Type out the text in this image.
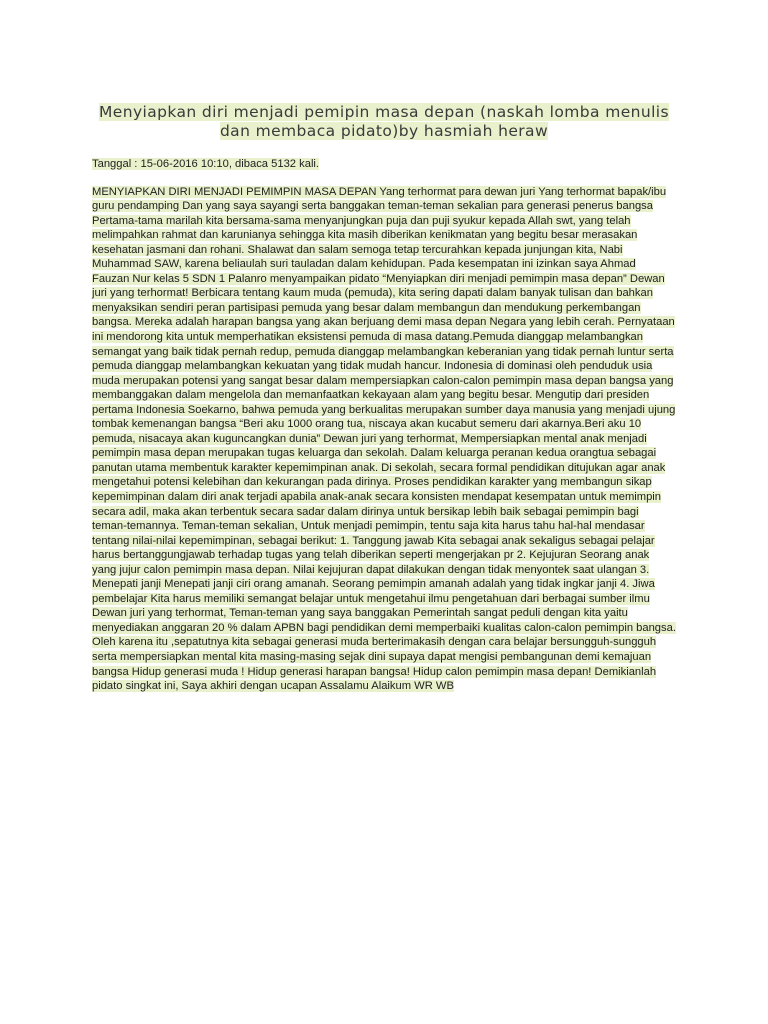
Menyiapkan diri menjadi pemipin masa depan (naskah lomba menulis dan membaca pidato)by hasmiah heraw

Tanggal : 15-06-2016 10:10, dibaca 5132 kali.

MENYIAPKAN DIRI MENJADI PEMIMPIN MASA DEPAN Yang terhormat para dewan juri Yang terhormat bapak/ibu guru pendamping Dan yang saya sayangi serta banggakan teman-teman sekalian para generasi penerus bangsa Pertama-tama marilah kita bersama-sama menyanjungkan puja dan puji syukur kepada Allah swt, yang telah melimpahkan rahmat dan karunianya sehingga kita masih diberikan kenikmatan yang begitu besar merasakan kesehatan jasmani dan rohani. Shalawat dan salam semoga tetap tercurahkan kepada junjungan kita, Nabi Muhammad SAW, karena beliaulah suri tauladan dalam kehidupan. Pada kesempatan ini izinkan saya Ahmad Fauzan Nur kelas 5 SDN 1 Palanro menyampaikan pidato “Menyiapkan diri menjadi pemimpin masa depan” Dewan juri yang terhormat! Berbicara tentang kaum muda (pemuda), kita sering dapati dalam banyak tulisan dan bahkan menyaksikan sendiri peran partisipasi pemuda yang besar dalam membangun dan mendukung perkembangan bangsa. Mereka adalah harapan bangsa yang akan berjuang demi masa depan Negara yang lebih cerah. Pernyataan ini mendorong kita untuk memperhatikan eksistensi pemuda di masa datang.Pemuda dianggap melambangkan semangat yang baik tidak pernah redup, pemuda dianggap melambangkan keberanian yang tidak pernah luntur serta pemuda dianggap melambangkan kekuatan yang tidak mudah hancur. Indonesia di dominasi oleh penduduk usia muda merupakan potensi yang sangat besar dalam mempersiapkan calon-calon pemimpin masa depan bangsa yang membanggakan dalam mengelola dan memanfaatkan kekayaan alam yang begitu besar. Mengutip dari presiden pertama Indonesia Soekarno, bahwa pemuda yang berkualitas merupakan sumber daya manusia yang menjadi ujung tombak kemenangan bangsa “Beri aku 1000 orang tua, niscaya akan kucabut semeru dari akarnya.Beri aku 10 pemuda, nisacaya akan kuguncangkan dunia” Dewan juri yang terhormat, Mempersiapkan mental anak menjadi pemimpin masa depan merupakan tugas keluarga dan sekolah. Dalam keluarga peranan kedua orangtua sebagai panutan utama membentuk karakter kepemimpinan anak. Di sekolah, secara formal pendidikan ditujukan agar anak mengetahui potensi kelebihan dan kekurangan pada dirinya. Proses pendidikan karakter yang membangun sikap kepemimpinan dalam diri anak terjadi apabila anak-anak secara konsisten mendapat kesempatan untuk memimpin secara adil, maka akan terbentuk secara sadar dalam dirinya untuk bersikap lebih baik sebagai pemimpin bagi teman-temannya. Teman-teman sekalian, Untuk menjadi pemimpin, tentu saja kita harus tahu hal-hal mendasar tentang nilai-nilai kepemimpinan, sebagai berikut: 1. Tanggung jawab Kita sebagai anak sekaligus sebagai pelajar harus bertanggungjawab terhadap tugas yang telah diberikan seperti mengerjakan pr 2. Kejujuran Seorang anak yang jujur calon pemimpin masa depan. Nilai kejujuran dapat dilakukan dengan tidak menyontek saat ulangan 3. Menepati janji Menepati janji ciri orang amanah. Seorang pemimpin amanah adalah yang tidak ingkar janji 4. Jiwa pembelajar Kita harus memiliki semangat belajar untuk mengetahui ilmu pengetahuan dari berbagai sumber ilmu Dewan juri yang terhormat, Teman-teman yang saya banggakan Pemerintah sangat peduli dengan kita yaitu menyediakan anggaran 20 % dalam APBN bagi pendidikan demi memperbaiki kualitas calon-calon pemimpin bangsa. Oleh karena itu ,sepatutnya kita sebagai generasi muda berterimakasih dengan cara belajar bersungguh-sungguh serta mempersiapkan mental kita masing-masing sejak dini supaya dapat mengisi pembangunan demi kemajuan bangsa Hidup generasi muda ! Hidup generasi harapan bangsa! Hidup calon pemimpin masa depan! Demikianlah pidato singkat ini, Saya akhiri dengan ucapan Assalamu Alaikum WR WB
